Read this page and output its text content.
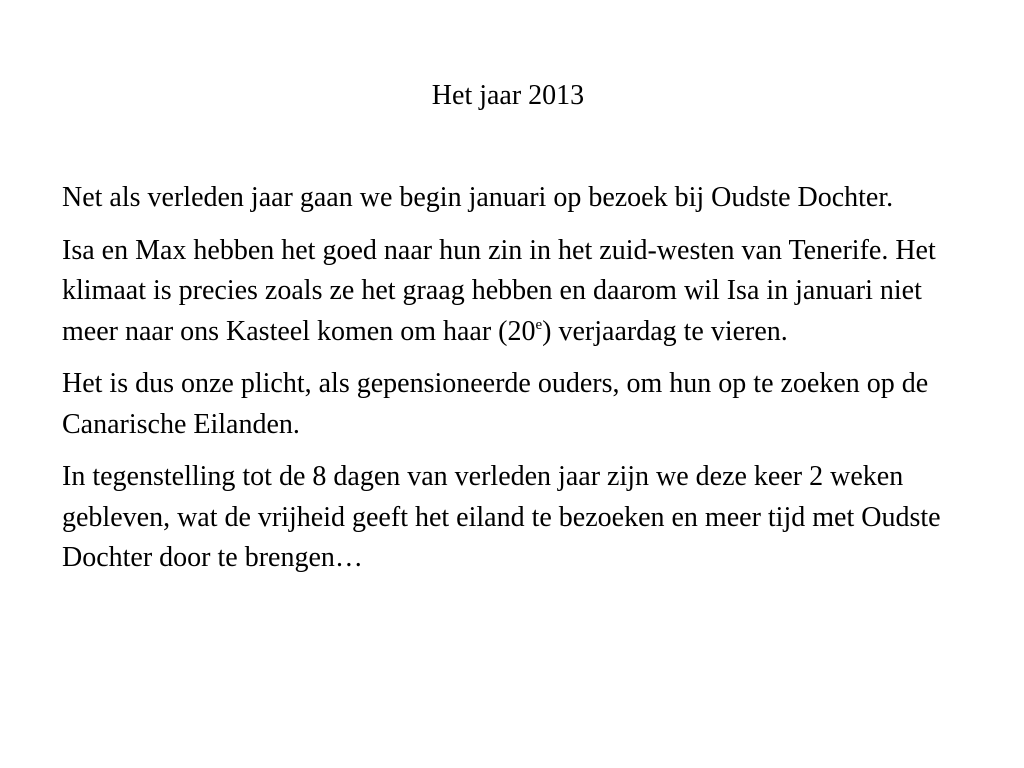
Het jaar 2013

Net als verleden jaar gaan we begin januari op bezoek bij Oudste Dochter.

Isa en Max hebben het goed naar hun zin in het zuid-westen van Tenerife. Het klimaat is precies zoals ze het graag hebben en daarom wil Isa in januari niet meer naar ons Kasteel komen om haar (20e) verjaardag te vieren.

Het is dus onze plicht, als gepensioneerde ouders, om hun op te zoeken op de Canarische Eilanden.

In tegenstelling tot de 8 dagen van verleden jaar zijn we deze keer 2 weken gebleven, wat de vrijheid geeft het eiland te bezoeken en meer tijd met Oudste Dochter door te brengen…
